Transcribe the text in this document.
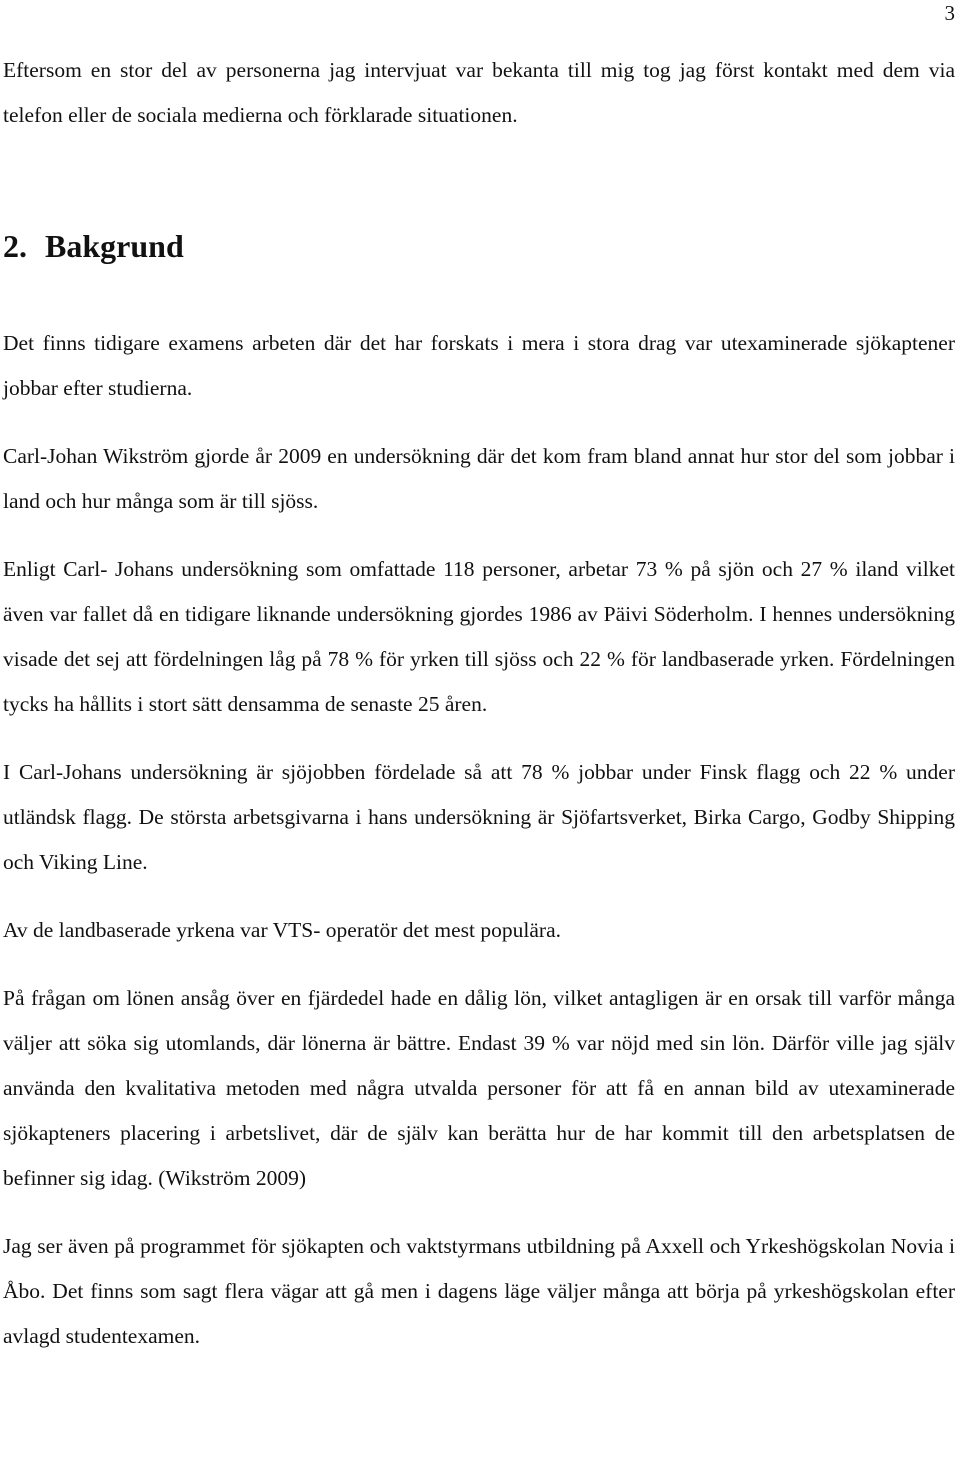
3

Eftersom en stor del av personerna jag intervjuat var bekanta till mig tog jag först kontakt med dem via telefon eller de sociala medierna och förklarade situationen.

2. Bakgrund

Det finns tidigare examens arbeten där det har forskats i mera i stora drag var utexaminerade sjökaptener jobbar efter studierna.

Carl-Johan Wikström gjorde år 2009 en undersökning där det kom fram bland annat hur stor del som jobbar i land och hur många som är till sjöss.

Enligt Carl- Johans undersökning som omfattade 118 personer, arbetar 73 % på sjön och 27 % iland vilket även var fallet då en tidigare liknande undersökning gjordes 1986 av Päivi Söderholm. I hennes undersökning visade det sej att fördelningen låg på 78 % för yrken till sjöss och 22 % för landbaserade yrken. Fördelningen tycks ha hållits i stort sätt densamma de senaste 25 åren.

I Carl-Johans undersökning är sjöjobben fördelade så att 78 % jobbar under Finsk flagg och 22 % under utländsk flagg. De största arbetsgivarna i hans undersökning är Sjöfartsverket, Birka Cargo, Godby Shipping och Viking Line.

Av de landbaserade yrkena var VTS- operatör det mest populära.

På frågan om lönen ansåg över en fjärdedel hade en dålig lön, vilket antagligen är en orsak till varför många väljer att söka sig utomlands, där lönerna är bättre. Endast 39 % var nöjd med sin lön. Därför ville jag själv använda den kvalitativa metoden med några utvalda personer för att få en annan bild av utexaminerade sjökapteners placering i arbetslivet, där de själv kan berätta hur de har kommit till den arbetsplatsen de befinner sig idag. (Wikström 2009)

Jag ser även på programmet för sjökapten och vaktstyrmans utbildning på Axxell och Yrkeshögskolan Novia i Åbo. Det finns som sagt flera vägar att gå men i dagens läge väljer många att börja på yrkeshögskolan efter avlagd studentexamen.
